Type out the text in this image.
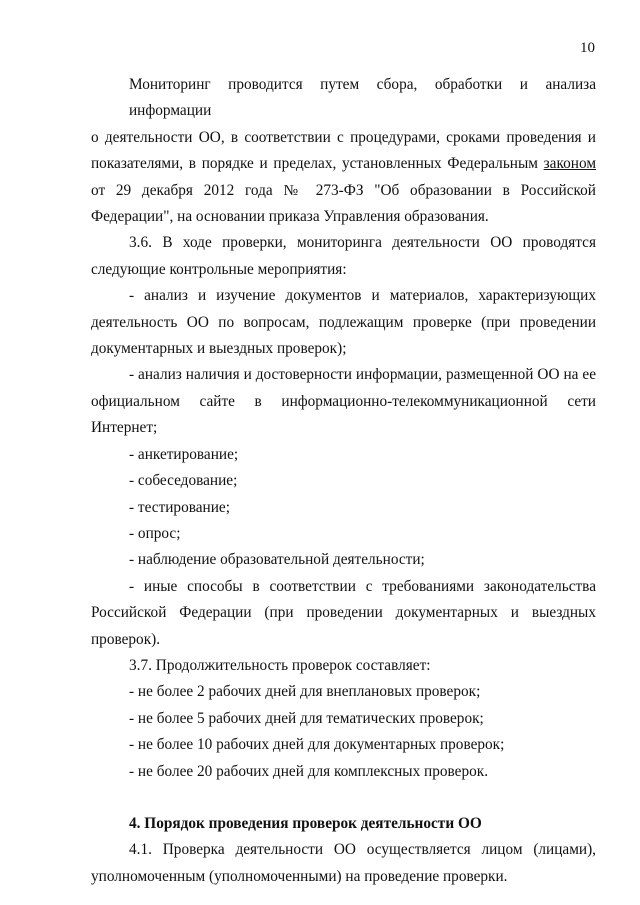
10
Мониторинг проводится путем сбора, обработки и анализа информации
о деятельности ОО, в соответствии с процедурами, сроками проведения и
показателями, в порядке и пределах, установленных Федеральным законом
от 29 декабря 2012 года № 273-ФЗ "Об образовании в Российской
Федерации", на основании приказа Управления образования.
3.6. В ходе проверки, мониторинга деятельности ОО проводятся
следующие контрольные мероприятия:
- анализ и изучение документов и материалов, характеризующих
деятельность ОО по вопросам, подлежащим проверке (при проведении
документарных и выездных проверок);
- анализ наличия и достоверности информации, размещенной ОО на ее
официальном сайте в информационно-телекоммуникационной сети
Интернет;
- анкетирование;
- собеседование;
- тестирование;
- опрос;
- наблюдение образовательной деятельности;
- иные способы в соответствии с требованиями законодательства
Российской Федерации (при проведении документарных и выездных
проверок).
3.7. Продолжительность проверок составляет:
- не более 2 рабочих дней для внеплановых проверок;
- не более 5 рабочих дней для тематических проверок;
- не более 10 рабочих дней для документарных проверок;
- не более 20 рабочих дней для комплексных проверок.
4. Порядок проведения проверок деятельности ОО
4.1. Проверка деятельности ОО осуществляется лицом (лицами),
уполномоченным (уполномоченными) на проведение проверки.
